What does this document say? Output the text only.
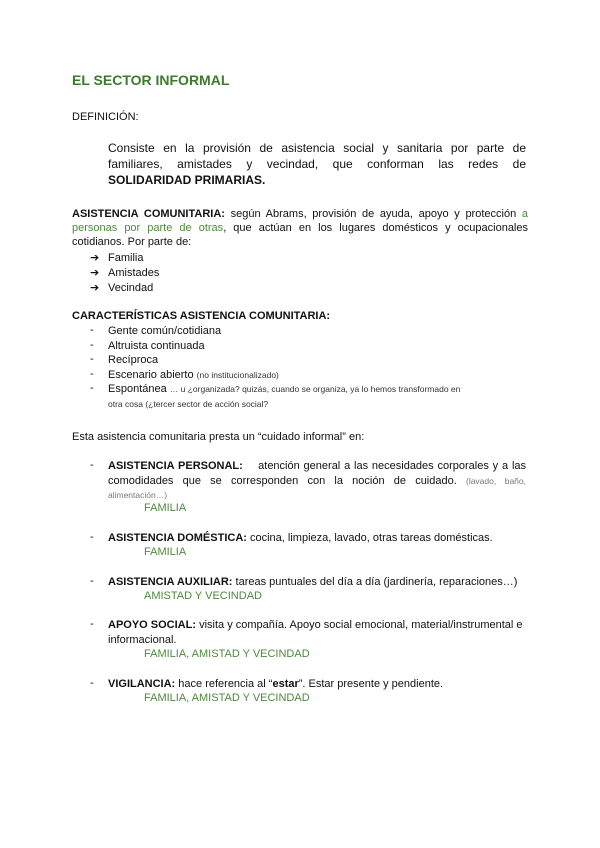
EL SECTOR INFORMAL
DEFINICIÓN:
Consiste en la provisión de asistencia social y sanitaria por parte de
familiares, amistades y vecindad, que conforman las redes de
SOLIDARIDAD PRIMARIAS.
ASISTENCIA COMUNITARIA: según Abrams, provisión de ayuda, apoyo y protección a
personas por parte de otras, que actúan en los lugares domésticos y ocupacionales
cotidianos. Por parte de:
➔ Familia
➔ Amistades
➔ Vecindad
CARACTERÍSTICAS ASISTENCIA COMUNITARIA:
- Gente común/cotidiana
- Altruista continuada
- Recíproca
- Escenario abierto (no institucionalizado)
- Espontánea … u ¿organizada? quizás, cuando se organiza, ya lo hemos transformado en
otra cosa (¿tercer sector de acción social?
Esta asistencia comunitaria presta un “cuidado informal” en:
- ASISTENCIA PERSONAL: atención general a las necesidades corporales y a las
comodidades que se corresponden con la noción de cuidado. (lavado, baño,
alimentación…)
FAMILIA
- ASISTENCIA DOMÉSTICA: cocina, limpieza, lavado, otras tareas domésticas.
FAMILIA
- ASISTENCIA AUXILIAR: tareas puntuales del día a día (jardinería, reparaciones…)
AMISTAD Y VECINDAD
- APOYO SOCIAL: visita y compañía. Apoyo social emocional, material/instrumental e
informacional.
FAMILIA, AMISTAD Y VECINDAD
- VIGILANCIA: hace referencia al “estar”. Estar presente y pendiente.
FAMILIA, AMISTAD Y VECINDAD
